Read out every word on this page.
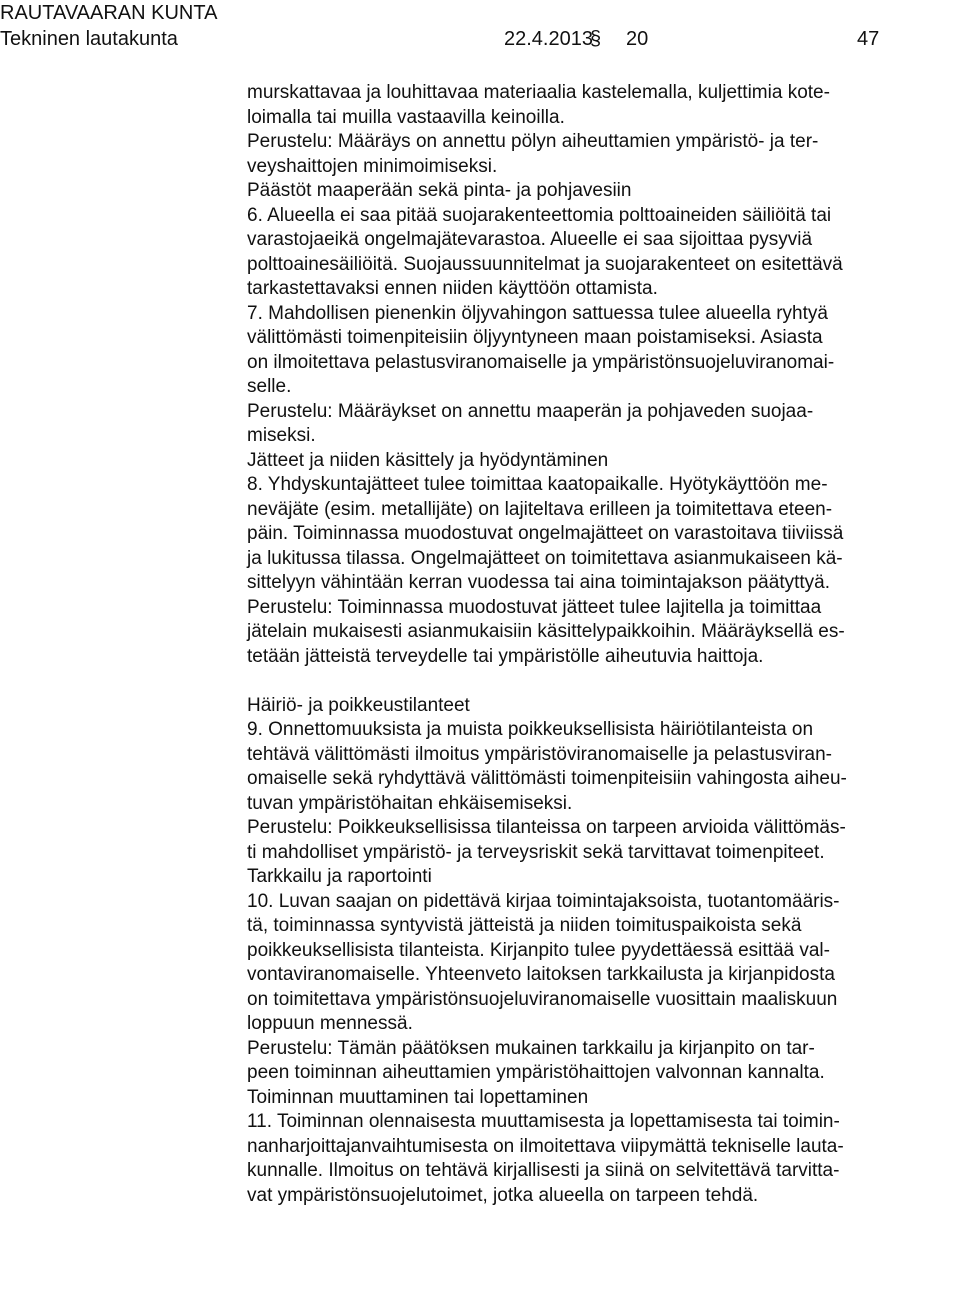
RAUTAVAARAN KUNTA
Tekninen lautakunta	22.4.2013
§ 20	47
murskattavaa ja louhittavaa materiaalia kastelemalla, kuljettimia kote-
loimalla tai muilla vastaavilla keinoilla.
Perustelu: Määräys on annettu pölyn aiheuttamien ympäristö- ja ter-
veyshaittojen minimoimiseksi.
Päästöt maaperään sekä pinta- ja pohjavesiin
6. Alueella ei saa pitää suojarakenteettomia polttoaineiden säiliöitä tai
varastojaeikä ongelmajätevarastoa. Alueelle ei saa sijoittaa pysyviä
polttoainesäiliöitä. Suojaussuunnitelmat ja suojarakenteet on esitettävä
tarkastettavaksi ennen niiden käyttöön ottamista.
7. Mahdollisen pienenkin öljyvahingon sattuessa tulee alueella ryhtyä
välittömästi toimenpiteisiin öljyyntyneen maan poistamiseksi. Asiasta
on ilmoitettava pelastusviranomaiselle ja ympäristönsuojeluviranomai-
selle.
Perustelu: Määräykset on annettu maaperän ja pohjaveden suojaa-
miseksi.
Jätteet ja niiden käsittely ja hyödyntäminen
8. Yhdyskuntajätteet tulee toimittaa kaatopaikalle. Hyötykäyttöön me-
neväjäte (esim. metallijäte) on lajiteltava erilleen ja toimitettava eteen-
päin. Toiminnassa muodostuvat ongelmajätteet on varastoitava tiiviissä
ja lukitussa tilassa. Ongelmajätteet on toimitettava asianmukaiseen kä-
sittelyyn vähintään kerran vuodessa tai aina toimintajakson päätyttyä.
Perustelu: Toiminnassa muodostuvat jätteet tulee lajitella ja toimittaa
jätelain mukaisesti asianmukaisiin käsittelypaikkoihin. Määräyksellä es-
tetään jätteistä terveydelle tai ympäristölle aiheutuvia haittoja.
Häiriö- ja poikkeustilanteet
9. Onnettomuuksista ja muista poikkeuksellisista häiriötilanteista on
tehtävä välittömästi ilmoitus ympäristöviranomaiselle ja pelastusviran-
omaiselle sekä ryhdyttävä välittömästi toimenpiteisiin vahingosta aiheu-
tuvan ympäristöhaitan ehkäisemiseksi.
Perustelu: Poikkeuksellisissa tilanteissa on tarpeen arvioida välittömäs-
ti mahdolliset ympäristö- ja terveysriskit sekä tarvittavat toimenpiteet.
Tarkkailu ja raportointi
10. Luvan saajan on pidettävä kirjaa toimintajaksoista, tuotantomääris-
tä, toiminnassa syntyvistä jätteistä ja niiden toimituspaikoista sekä
poikkeuksellisista tilanteista. Kirjanpito tulee pyydettäessä esittää val-
vontaviranomaiselle. Yhteenveto laitoksen tarkkailusta ja kirjanpidosta
on toimitettava ympäristönsuojeluviranomaiselle vuosittain maaliskuun
loppuun mennessä.
Perustelu: Tämän päätöksen mukainen tarkkailu ja kirjanpito on tar-
peen toiminnan aiheuttamien ympäristöhaittojen valvonnan kannalta.
Toiminnan muuttaminen tai lopettaminen
11. Toiminnan olennaisesta muuttamisesta ja lopettamisesta tai toimin-
nanharjoittajanvaihtumisesta on ilmoitettava viipymättä tekniselle lauta-
kunnalle. Ilmoitus on tehtävä kirjallisesti ja siinä on selvitettävä tarvitta-
vat ympäristönsuojelutoimet, jotka alueella on tarpeen tehdä.
